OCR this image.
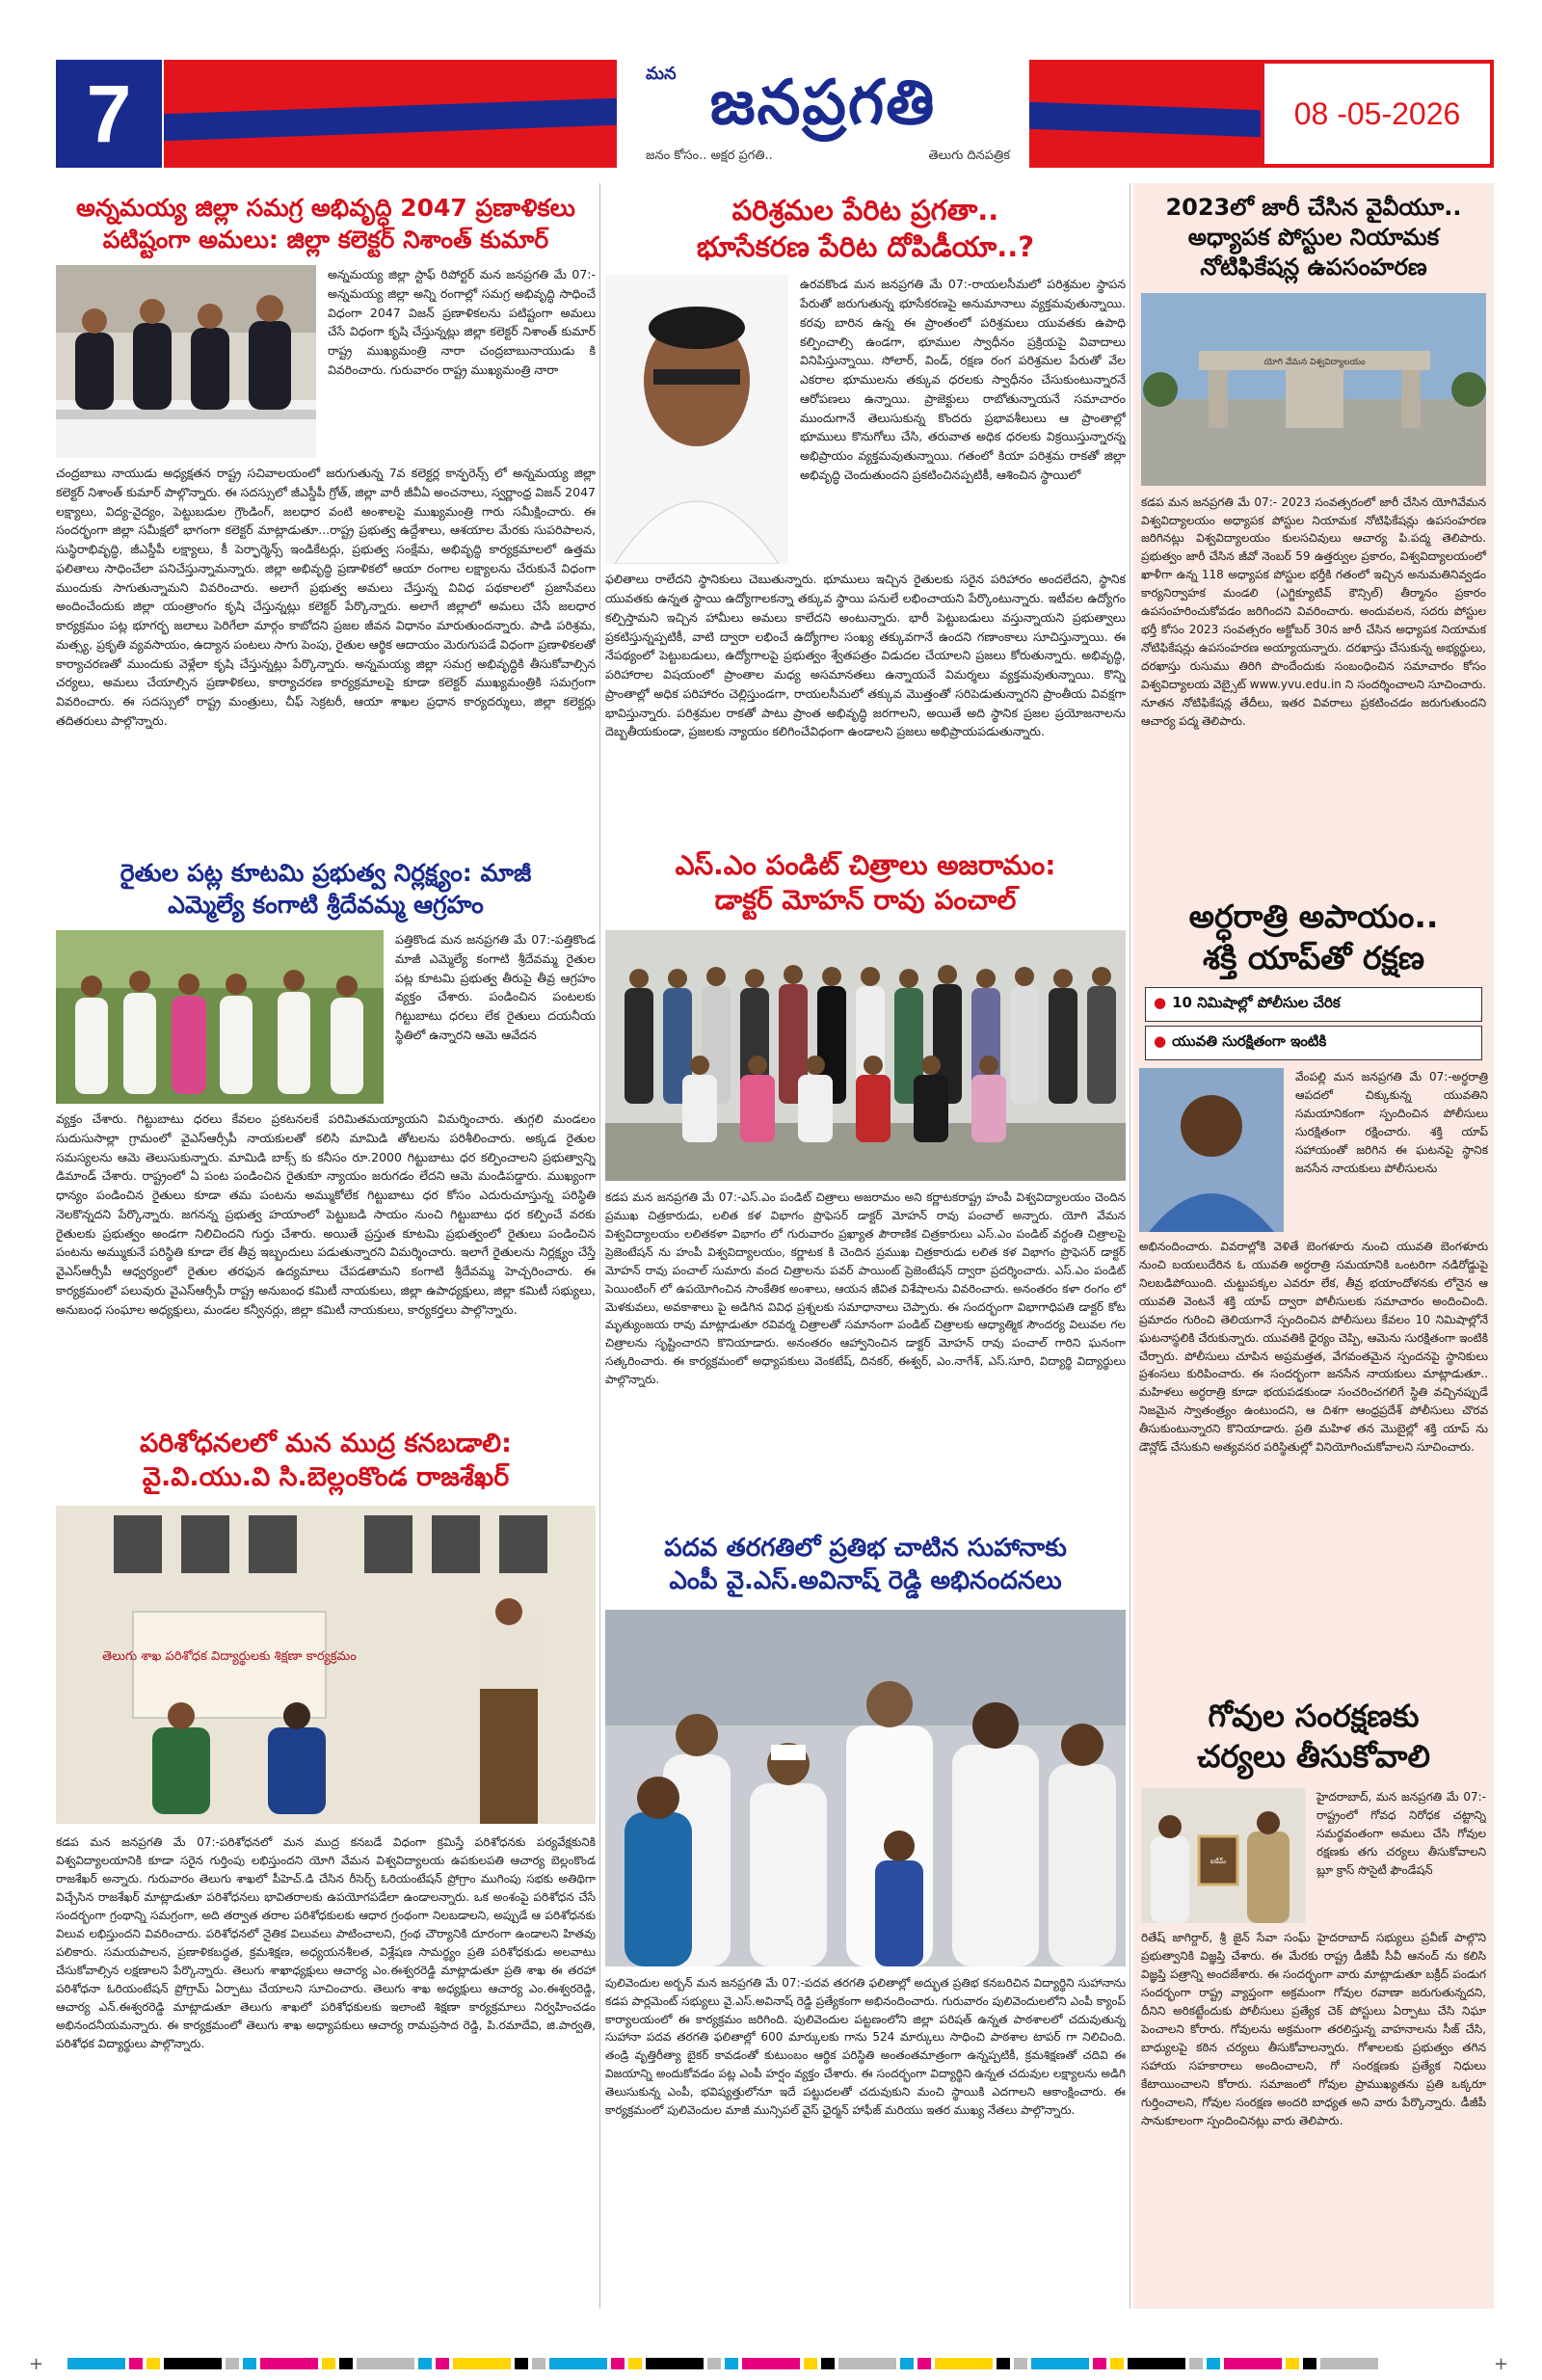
7	మన జనప్రగతి
జనం కోసం.. అక్షర ప్రగతి..	తెలుగు దినపత్రిక
08 -05-2026
అన్నమయ్య జిల్లా సమగ్ర అభివృద్ధి 2047 ప్రణాళికలు
పటిష్టంగా అమలు: జిల్లా కలెక్టర్ నిశాంత్ కుమార్
అన్నమయ్య జిల్లా స్టాఫ్ రిపోర్టర్ మన జనప్రగతి మే 07:-అన్నమయ్య జిల్లా అన్ని రంగాల్లో సమగ్ర అభివృద్ధి సాధించే విధంగా 2047 విజన్ ప్రణాళికలను పటిష్టంగా అమలు చేసే విధంగా కృషి చేస్తున్నట్లు జిల్లా కలెక్టర్ నిశాంత్ కుమార్ రాష్ట్ర ముఖ్యమంత్రి నారా చంద్రబాబునాయుడు కి వివరించారు. గురువారం రాష్ట్ర ముఖ్యమంత్రి నారా
చంద్రబాబు నాయుడు అధ్యక్షతన రాష్ట్ర సచివాలయంలో జరుగుతున్న 7వ కలెక్టర్ల కాన్ఫరెన్స్ లో అన్నమయ్య జిల్లా కలెక్టర్ నిశాంత్ కుమార్ పాల్గొన్నారు. ఈ సదస్సులో జీఎస్డీపీ గ్రోత్, జిల్లా వారీ జీవీఏ అంచనాలు, స్వర్ణాంధ్ర విజన్ 2047 లక్ష్యాలు, విద్య-వైద్యం, పెట్టుబడుల గ్రౌండింగ్, జలధార వంటి అంశాలపై ముఖ్యమంత్రి గారు సమీక్షించారు. ఈ సందర్భంగా జిల్లా సమీక్షలో భాగంగా కలెక్టర్ మాట్లాడుతూ...రాష్ట్ర ప్రభుత్వ ఉద్దేశాలు, ఆశయాల మేరకు సుపరిపాలన, సుస్థిరాభివృద్ధి, జీఎస్డీపీ లక్ష్యాలు, కీ పెర్ఫార్మెన్స్ ఇండికేటర్లు, ప్రభుత్వ సంక్షేమ, అభివృద్ధి కార్యక్రమాలలో ఉత్తమ ఫలితాలు సాధించేలా పనిచేస్తున్నామన్నారు. జిల్లా అభివృద్ధి ప్రణాళికలో ఆయా రంగాల లక్ష్యాలను చేరుకునే విధంగా ముందుకు సాగుతున్నామని వివరించారు. అలాగే ప్రభుత్వ అమలు చేస్తున్న వివిధ పథకాలలో ప్రజాసేవలు అందించేందుకు జిల్లా యంత్రాంగం కృషి చేస్తున్నట్లు కలెక్టర్ పేర్కొన్నారు. అలాగే జిల్లాలో అమలు చేసే జలధార కార్యక్రమం పట్ల భూగర్భ జలాలు పెరిగేలా మార్గం కాబోదని ప్రజల జీవన విధానం మారుతుందన్నారు. పాడి పరిశ్రమ, మత్స్య, ప్రకృతి వ్యవసాయం, ఉద్యాన పంటలు సాగు పెంపు, రైతుల ఆర్థిక ఆదాయం మెరుగుపడే విధంగా ప్రణాళికలతో కార్యాచరణతో ముందుకు వెళ్లేలా కృషి చేస్తున్నట్లు పేర్కొన్నారు. అన్నమయ్య జిల్లా సమగ్ర అభివృద్ధికి తీసుకోవాల్సిన చర్యలు, అమలు చేయాల్సిన ప్రణాళికలు, కార్యాచరణ కార్యక్రమాలపై కూడా కలెక్టర్ ముఖ్యమంత్రికి సమగ్రంగా వివరించారు. ఈ సదస్సులో రాష్ట్ర మంత్రులు, చీఫ్ సెక్రటరీ, ఆయా శాఖల ప్రధాన కార్యదర్శులు, జిల్లా కలెక్టర్లు తదితరులు పాల్గొన్నారు.
రైతుల పట్ల కూటమి ప్రభుత్వ నిర్లక్ష్యం: మాజీ
ఎమ్మెల్యే కంగాటి శ్రీదేవమ్మ ఆగ్రహం
పత్తికొండ మన జనప్రగతి మే 07:-పత్తికొండ మాజీ ఎమ్మెల్యే కంగాటి శ్రీదేవమ్మ రైతుల పట్ల కూటమి ప్రభుత్వ తీరుపై తీవ్ర ఆగ్రహం వ్యక్తం చేశారు. పండించిన పంటలకు గిట్టుబాటు ధరలు లేక రైతులు దయనీయ స్థితిలో ఉన్నారని ఆమె ఆవేదన
వ్యక్తం చేశారు. గిట్టుబాటు ధరలు కేవలం ప్రకటనలకే పరిమితమయ్యాయని విమర్శించారు. తుగ్గలి మండలం సుదుసుసాల్లా గ్రామంలో వైఎస్ఆర్సీపీ నాయకులతో కలిసి మామిడి తోటలను పరిశీలించారు. అక్కడ రైతుల సమస్యలను ఆమె తెలుసుకున్నారు. మామిడి బాక్స్ కు కనీసం రూ.2000 గిట్టుబాటు ధర కల్పించాలని ప్రభుత్వాన్ని డిమాండ్ చేశారు. రాష్ట్రంలో ఏ పంట పండించిన రైతుకూ న్యాయం జరుగడం లేదని ఆమె మండిపడ్డారు. ముఖ్యంగా ధాన్యం పండించిన రైతులు కూడా తమ పంటను అమ్ముకోలేక గిట్టుబాటు ధర కోసం ఎదురుచూస్తున్న పరిస్థితి నెలకొన్నదని పేర్కొన్నారు. జగనన్న ప్రభుత్వ హయాంలో పెట్టుబడి సాయం నుంచి గిట్టుబాటు ధర కల్పించే వరకు రైతులకు ప్రభుత్వం అండగా నిలిచిందని గుర్తు చేశారు. అయితే ప్రస్తుత కూటమి ప్రభుత్వంలో రైతులు పండించిన పంటను అమ్ముకునే పరిస్థితి కూడా లేక తీవ్ర ఇబ్బందులు పడుతున్నారని విమర్శించారు. ఇలాగే రైతులను నిర్లక్ష్యం చేస్తే వైఎస్ఆర్సీపీ ఆధ్వర్యంలో రైతుల తరఫున ఉద్యమాలు చేపడతామని కంగాటి శ్రీదేవమ్మ హెచ్చరించారు. ఈ కార్యక్రమంలో పలువురు వైఎస్ఆర్సీపీ రాష్ట్ర అనుబంధ కమిటీ నాయకులు, జిల్లా ఉపాధ్యక్షులు, జిల్లా కమిటీ సభ్యులు, అనుబంధ సంఘాల అధ్యక్షులు, మండల కన్వీనర్లు, జిల్లా కమిటీ నాయకులు, కార్యకర్తలు పాల్గొన్నారు.
పరిశోధనలలో మన ముద్ర కనబడాలి:
వై.వి.యు.వి సి.బెల్లంకొండ రాజశేఖర్
తెలుగు శాఖ పరిశోధక విద్యార్థులకు శిక్షణా కార్యక్రమం
కడప మన జనప్రగతి మే 07:-పరిశోధనలో మన ముద్ర కనబడే విధంగా క్రమిస్తే పరిశోధనకు పర్యవేక్షకునికి విశ్వవిద్యాలయానికి కూడా సరైన గుర్తింపు లభిస్తుందని యోగి వేమన విశ్వవిద్యాలయ ఉపకులపతి ఆచార్య బెల్లంకొండ రాజశేఖర్ అన్నారు. గురువారం తెలుగు శాఖలో పీహెచ్.డి చేసిన రీసెర్చ్ ఓరియంటేషన్ ప్రోగ్రాం ముగింపు సభకు అతిథిగా విచ్చేసిన రాజశేఖర్ మాట్లాడుతూ పరిశోధనలు భావితరాలకు ఉపయోగపడేలా ఉండాలన్నారు. ఒక అంశంపై పరిశోధన చేసే సందర్భంగా గ్రంథాన్ని సమగ్రంగా, అది తర్వాత తరాల పరిశోధకులకు ఆధార గ్రంథంగా నిలబడాలని, అప్పుడే ఆ పరిశోధనకు విలువ లభిస్తుందని వివరించారు. పరిశోధనలో నైతిక విలువలు పాటించాలని, గ్రంథ చౌర్యానికి దూరంగా ఉండాలని హితవు పలికారు. సమయపాలన, ప్రణాళికబద్ధత, క్రమశిక్షణ, అధ్యయనశీలత, విశ్లేషణ సామర్థ్యం ప్రతి పరిశోధకుడు అలవాటు చేసుకోవాల్సిన లక్షణాలని పేర్కొన్నారు. తెలుగు శాఖాధ్యక్షులు ఆచార్య ఎం.ఈశ్వరరెడ్డి మాట్లాడుతూ ప్రతి శాఖ ఈ తరహా పరిశోధనా ఓరియంటేషన్ ప్రోగ్రామ్ ఏర్పాటు చేయాలని సూచించారు. తెలుగు శాఖ అధ్యక్షులు ఆచార్య ఎం.ఈశ్వరరెడ్డి, ఆచార్య ఎన్.ఈశ్వరరెడ్డి మాట్లాడుతూ తెలుగు శాఖలో పరిశోధకులకు ఇలాంటి శిక్షణా కార్యక్రమాలు నిర్వహించడం అభినందనీయమన్నారు. ఈ కార్యక్రమంలో తెలుగు శాఖ అధ్యాపకులు ఆచార్య రామప్రసాద రెడ్డి, పి.రమాదేవి, జి.పార్వతి, పరిశోధక విద్యార్థులు పాల్గొన్నారు.
పరిశ్రమల పేరిట ప్రగతా..
భూసేకరణ పేరిట దోపిడీయా..?
ఉరవకొండ మన జనప్రగతి మే 07:-రాయలసీమలో పరిశ్రమల స్థాపన పేరుతో జరుగుతున్న భూసేకరణపై అనుమానాలు వ్యక్తమవుతున్నాయి. కరవు బారిన ఉన్న ఈ ప్రాంతంలో పరిశ్రమలు యువతకు ఉపాధి కల్పించాల్సి ఉండగా, భూముల స్వాధీనం ప్రక్రియపై వివాదాలు వినిపిస్తున్నాయి. సోలార్, విండ్, రక్షణ రంగ పరిశ్రమల పేరుతో వేల ఎకరాల భూములను తక్కువ ధరలకు స్వాధీనం చేసుకుంటున్నారనే ఆరోపణలు ఉన్నాయి. ప్రాజెక్టులు రాబోతున్నాయనే సమాచారం ముందుగానే తెలుసుకున్న కొందరు ప్రభావశీలులు ఆ ప్రాంతాల్లో భూములు కొనుగోలు చేసి, తరువాత అధిక ధరలకు విక్రయిస్తున్నారన్న అభిప్రాయం వ్యక్తమవుతున్నాయి. గతంలో కియా పరిశ్రమ రాకతో జిల్లా అభివృద్ధి చెందుతుందని ప్రకటించినప్పటికీ, ఆశించిన స్థాయిలో
ఫలితాలు రాలేదని స్థానికులు చెబుతున్నారు. భూములు ఇచ్చిన రైతులకు సరైన పరిహారం అందలేదని, స్థానిక యువతకు ఉన్నత స్థాయి ఉద్యోగాలకన్నా తక్కువ స్థాయి పనులే లభించాయని పేర్కొంటున్నారు. ఇటీవల ఉద్యోగం కల్పిస్తామని ఇచ్చిన హామీలు అమలు కాలేదని అంటున్నారు. భారీ పెట్టుబడులు వస్తున్నాయని ప్రభుత్వాలు ప్రకటిస్తున్నప్పటికీ, వాటి ద్వారా లభించే ఉద్యోగాల సంఖ్య తక్కువగానే ఉందని గణాంకాలు సూచిస్తున్నాయి. ఈ నేపథ్యంలో పెట్టుబడులు, ఉద్యోగాలపై ప్రభుత్వం శ్వేతపత్రం విడుదల చేయాలని ప్రజలు కోరుతున్నారు. అభివృద్ధి, పరిహారాల విషయంలో ప్రాంతాల మధ్య అసమానతలు ఉన్నాయనే విమర్శలు వ్యక్తమవుతున్నాయి. కొన్ని ప్రాంతాల్లో అధిక పరిహారం చెల్లిస్తుండగా, రాయలసీమలో తక్కువ మొత్తంతో సరిపెడుతున్నారని ప్రాంతీయ వివక్షగా భావిస్తున్నారు. పరిశ్రమల రాకతో పాటు ప్రాంత అభివృద్ధి జరగాలని, అయితే అది స్థానిక ప్రజల ప్రయోజనాలను దెబ్బతీయకుండా, ప్రజలకు న్యాయం కలిగించేవిధంగా ఉండాలని ప్రజలు అభిప్రాయపడుతున్నారు.
ఎస్.ఎం పండిట్ చిత్రాలు అజరామం:
డాక్టర్ మోహన్ రావు పంచాల్
కడప మన జనప్రగతి మే 07:-ఎస్.ఎం పండిట్ చిత్రాలు అజరామం అని కర్ణాటకరాష్ట్ర హంపీ విశ్వవిద్యాలయం చెందిన ప్రముఖ చిత్రకారుడు, లలిత కళ విభాగం ప్రొఫెసర్ డాక్టర్ మోహన్ రావు పంచాల్ అన్నారు. యోగి వేమన విశ్వవిద్యాలయం లలితకళా విభాగం లో గురువారం ప్రఖ్యాత పౌరాణిక చిత్రకారులు ఎస్.ఎం పండిట్ వర్ధంతి చిత్రాలపై ప్రెజెంటేషన్ ను హంపీ విశ్వవిద్యాలయం, కర్ణాటక కి చెందిన ప్రముఖ చిత్రకారుడు లలిత కళ విభాగం ప్రొఫెసర్ డాక్టర్ మోహన్ రావు పంచాల్ సుమారు వంద చిత్రాలను పవర్ పాయింట్ ప్రెజెంటేషన్ ద్వారా ప్రదర్శించారు. ఎస్.ఎం పండిట్ పెయింటింగ్ లో ఉపయోగించిన సాంకేతిక అంశాలు, ఆయన జీవిత విశేషాలను వివరించారు. అనంతరం కళా రంగం లో మెళకువలు, అవకాశాలు పై అడిగిన వివిధ ప్రశ్నలకు సమాధానాలు చెప్పారు. ఈ సందర్భంగా విభాగాధిపతి డాక్టర్ కోట మృత్యుంజయ రావు మాట్లాడుతూ రవివర్మ చిత్రాలతో సమానంగా పండిట్ చిత్రాలకు ఆధ్యాత్మిక సౌందర్య విలువల గల చిత్రాలను సృష్టించారని కొనియాడారు. అనంతరం ఆహ్వానించిన డాక్టర్ మోహన్ రావు పంచాల్ గారిని ఘనంగా సత్కరించారు. ఈ కార్యక్రమంలో అధ్యాపకులు వెంకటేష్, దినకర్, ఈశ్వర్, ఎం.నాగేశ్, ఎస్.సూరి, విద్యార్థి విద్యార్థులు పాల్గొన్నారు.
పదవ తరగతిలో ప్రతిభ చాటిన సుహానాకు
ఎంపీ వై.ఎస్.అవినాష్ రెడ్డి అభినందనలు
పులివెందుల అర్బన్ మన జనప్రగతి మే 07:-పదవ తరగతి ఫలితాల్లో అద్భుత ప్రతిభ కనబరిచిన విద్యార్థిని సుహానాను కడప పార్లమెంట్ సభ్యులు వై.ఎస్.అవినాష్ రెడ్డి ప్రత్యేకంగా అభినందించారు. గురువారం పులివెందులలోని ఎంపీ క్యాంప్ కార్యాలయంలో ఈ కార్యక్రమం జరిగింది. పులివెందుల పట్టణంలోని జిల్లా పరిషత్ ఉన్నత పాఠశాలలో చదువుతున్న సుహానా పదవ తరగతి ఫలితాల్లో 600 మార్కులకు గాను 524 మార్కులు సాధించి పాఠశాల టాపర్ గా నిలిచింది. తండ్రి వృత్తిరీత్యా బైకర్ కావడంతో కుటుంబం ఆర్థిక పరిస్థితి అంతంతమాత్రంగా ఉన్నప్పటికీ, క్రమశిక్షణతో చదివి ఈ విజయాన్ని అందుకోవడం పట్ల ఎంపీ హర్షం వ్యక్తం చేశారు. ఈ సందర్భంగా విద్యార్థిని ఉన్నత చదువుల లక్ష్యాలను అడిగి తెలుసుకున్న ఎంపీ, భవిష్యత్తులోనూ ఇదే పట్టుదలతో చదువుకుని మంచి స్థాయికి ఎదగాలని ఆకాంక్షించారు. ఈ కార్యక్రమంలో పులివెందుల మాజీ మున్సిపల్ వైస్ ఛైర్మన్ హాఫీజ్ మరియు ఇతర ముఖ్య నేతలు పాల్గొన్నారు.
2023లో జారీ చేసిన వైవీయూ..
అధ్యాపక పోస్టుల నియామక
నోటిఫికేషన్ల ఉపసంహరణ
యోగి వేమన విశ్వవిద్యాలయం
కడప మన జనప్రగతి మే 07:- 2023 సంవత్సరంలో జారీ చేసిన యోగివేమన విశ్వవిద్యాలయం అధ్యాపక పోస్టుల నియామక నోటిఫికేషన్లు ఉపసంహరణ జరిగినట్లు విశ్వవిద్యాలయం కులసచివులు ఆచార్య పి.పద్మ తెలిపారు. ప్రభుత్వం జారీ చేసిన జీవో నెంబర్ 59 ఉత్తర్వుల ప్రకారం, విశ్వవిద్యాలయంలో ఖాళీగా ఉన్న 118 అధ్యాపక పోస్టుల భర్తీకి గతంలో ఇచ్చిన అనుమతినివ్వడం కార్యనిర్వాహక మండలి (ఎగ్జిక్యూటివ్ కౌన్సిల్) తీర్మానం ప్రకారం ఉపసంహరించుకోవడం జరిగిందని వివరించారు. అందువలన, సదరు పోస్టుల భర్తీ కోసం 2023 సంవత్సరం అక్టోబర్ 30న జారీ చేసిన అధ్యాపక నియామక నోటిఫికేషన్లు ఉపసంహరణ అయ్యాయన్నారు. దరఖాస్తు చేసుకున్న అభ్యర్థులు, దరఖాస్తు రుసుము తిరిగి పొందేందుకు సంబంధించిన సమాచారం కోసం విశ్వవిద్యాలయ వెబ్సైట్ www.yvu.edu.in ని సందర్శించాలని సూచించారు. నూతన నోటిఫికేషన్ల తేదీలు, ఇతర వివరాలు ప్రకటించడం జరుగుతుందని ఆచార్య పద్మ తెలిపారు.
అర్ధరాత్రి అపాయం..
శక్తి యాప్‌తో రక్షణ
● 10 నిమిషాల్లో పోలీసుల చేరిక
● యువతి సురక్షితంగా ఇంటికి
వేంపల్లి మన జనప్రగతి మే 07:-అర్ధరాత్రి ఆపదలో చిక్కుకున్న యువతిని సమయానికంగా స్పందించిన పోలీసులు సురక్షితంగా రక్షించారు. శక్తి యాప్ సహాయంతో జరిగిన ఈ ఘటనపై స్థానిక జనసేన నాయకులు పోలీసులను
అభినందించారు. వివరాల్లోకి వెళితే బెంగళూరు నుంచి యువతి బెంగళూరు నుంచి బయలుదేరిన ఓ యువతి అర్ధరాత్రి సమయానికి ఒంటరిగా నడిరోడ్డుపై నిలబడిపోయింది. చుట్టుపక్కల ఎవరూ లేక, తీవ్ర భయాందోళనకు లోనైన ఆ యువతి వెంటనే శక్తి యాప్ ద్వారా పోలీసులకు సమాచారం అందించింది. ప్రమాదం గురించి తెలియగానే స్పందించిన పోలీసులు కేవలం 10 నిమిషాల్లోనే ఘటనాస్థలికి చేరుకున్నారు. యువతికి ధైర్యం చెప్పి, ఆమెను సురక్షితంగా ఇంటికి చేర్చారు. పోలీసులు చూపిన అప్రమత్తత, వేగవంతమైన స్పందనపై స్థానికులు ప్రశంసలు కురిపించారు. ఈ సందర్భంగా జనసేన నాయకులు మాట్లాడుతూ.. మహిళలు అర్ధరాత్రి కూడా భయపడకుండా సంచరించగలిగే స్థితి వచ్చినప్పుడే నిజమైన స్వాతంత్ర్యం ఉంటుందని, ఆ దిశగా ఆంధ్రప్రదేశ్ పోలీసులు చొరవ తీసుకుంటున్నారని కొనియాడారు. ప్రతి మహిళ తన మొబైల్లో శక్తి యాప్ ను డౌన్లోడ్ చేసుకుని అత్యవసర పరిస్థితుల్లో వినియోగించుకోవాలని సూచించారు.
గోవుల సంరక్షణకు
చర్యలు తీసుకోవాలి
ఐకేమ్
హైదరాబాద్, మన జనప్రగతి మే 07:-రాష్ట్రంలో గోవధ నిరోధక చట్టాన్ని సమర్థవంతంగా అమలు చేసి గోవుల రక్షణకు తగు చర్యలు తీసుకోవాలని బ్లూ క్రాస్ సొసైటీ ఫౌండేషన్
రితేష్ జాగిర్దార్, శ్రీ జైన్ సేవా సంఘ్ హైదరాబాద్ సభ్యులు ప్రవీణ్ పాల్గొని ప్రభుత్వానికి విజ్ఞప్తి చేశారు. ఈ మేరకు రాష్ట్ర డీజీపీ సీవీ ఆనంద్ ను కలిసి విజ్ఞప్తి పత్రాన్ని అందజేశారు. ఈ సందర్భంగా వారు మాట్లాడుతూ బక్రీద్ పండుగ సందర్భంగా రాష్ట్ర వ్యాప్తంగా అక్రమంగా గోవుల రవాణా జరుగుతున్నదని, దీనిని అరికట్టేందుకు పోలీసులు ప్రత్యేక చెక్ పోస్టులు ఏర్పాటు చేసి నిఘా పెంచాలని కోరారు. గోవులను అక్రమంగా తరలిస్తున్న వాహనాలను సీజ్ చేసి, బాధ్యులపై కఠిన చర్యలు తీసుకోవాలన్నారు. గోశాలలకు ప్రభుత్వం తగిన సహాయ సహకారాలు అందించాలని, గో సంరక్షణకు ప్రత్యేక నిధులు కేటాయించాలని కోరారు. సమాజంలో గోవుల ప్రాముఖ్యతను ప్రతి ఒక్కరూ గుర్తించాలని, గోవుల సంరక్షణ అందరి బాధ్యత అని వారు పేర్కొన్నారు. డీజీపీ సానుకూలంగా స్పందించినట్లు వారు తెలిపారు.
+	+
